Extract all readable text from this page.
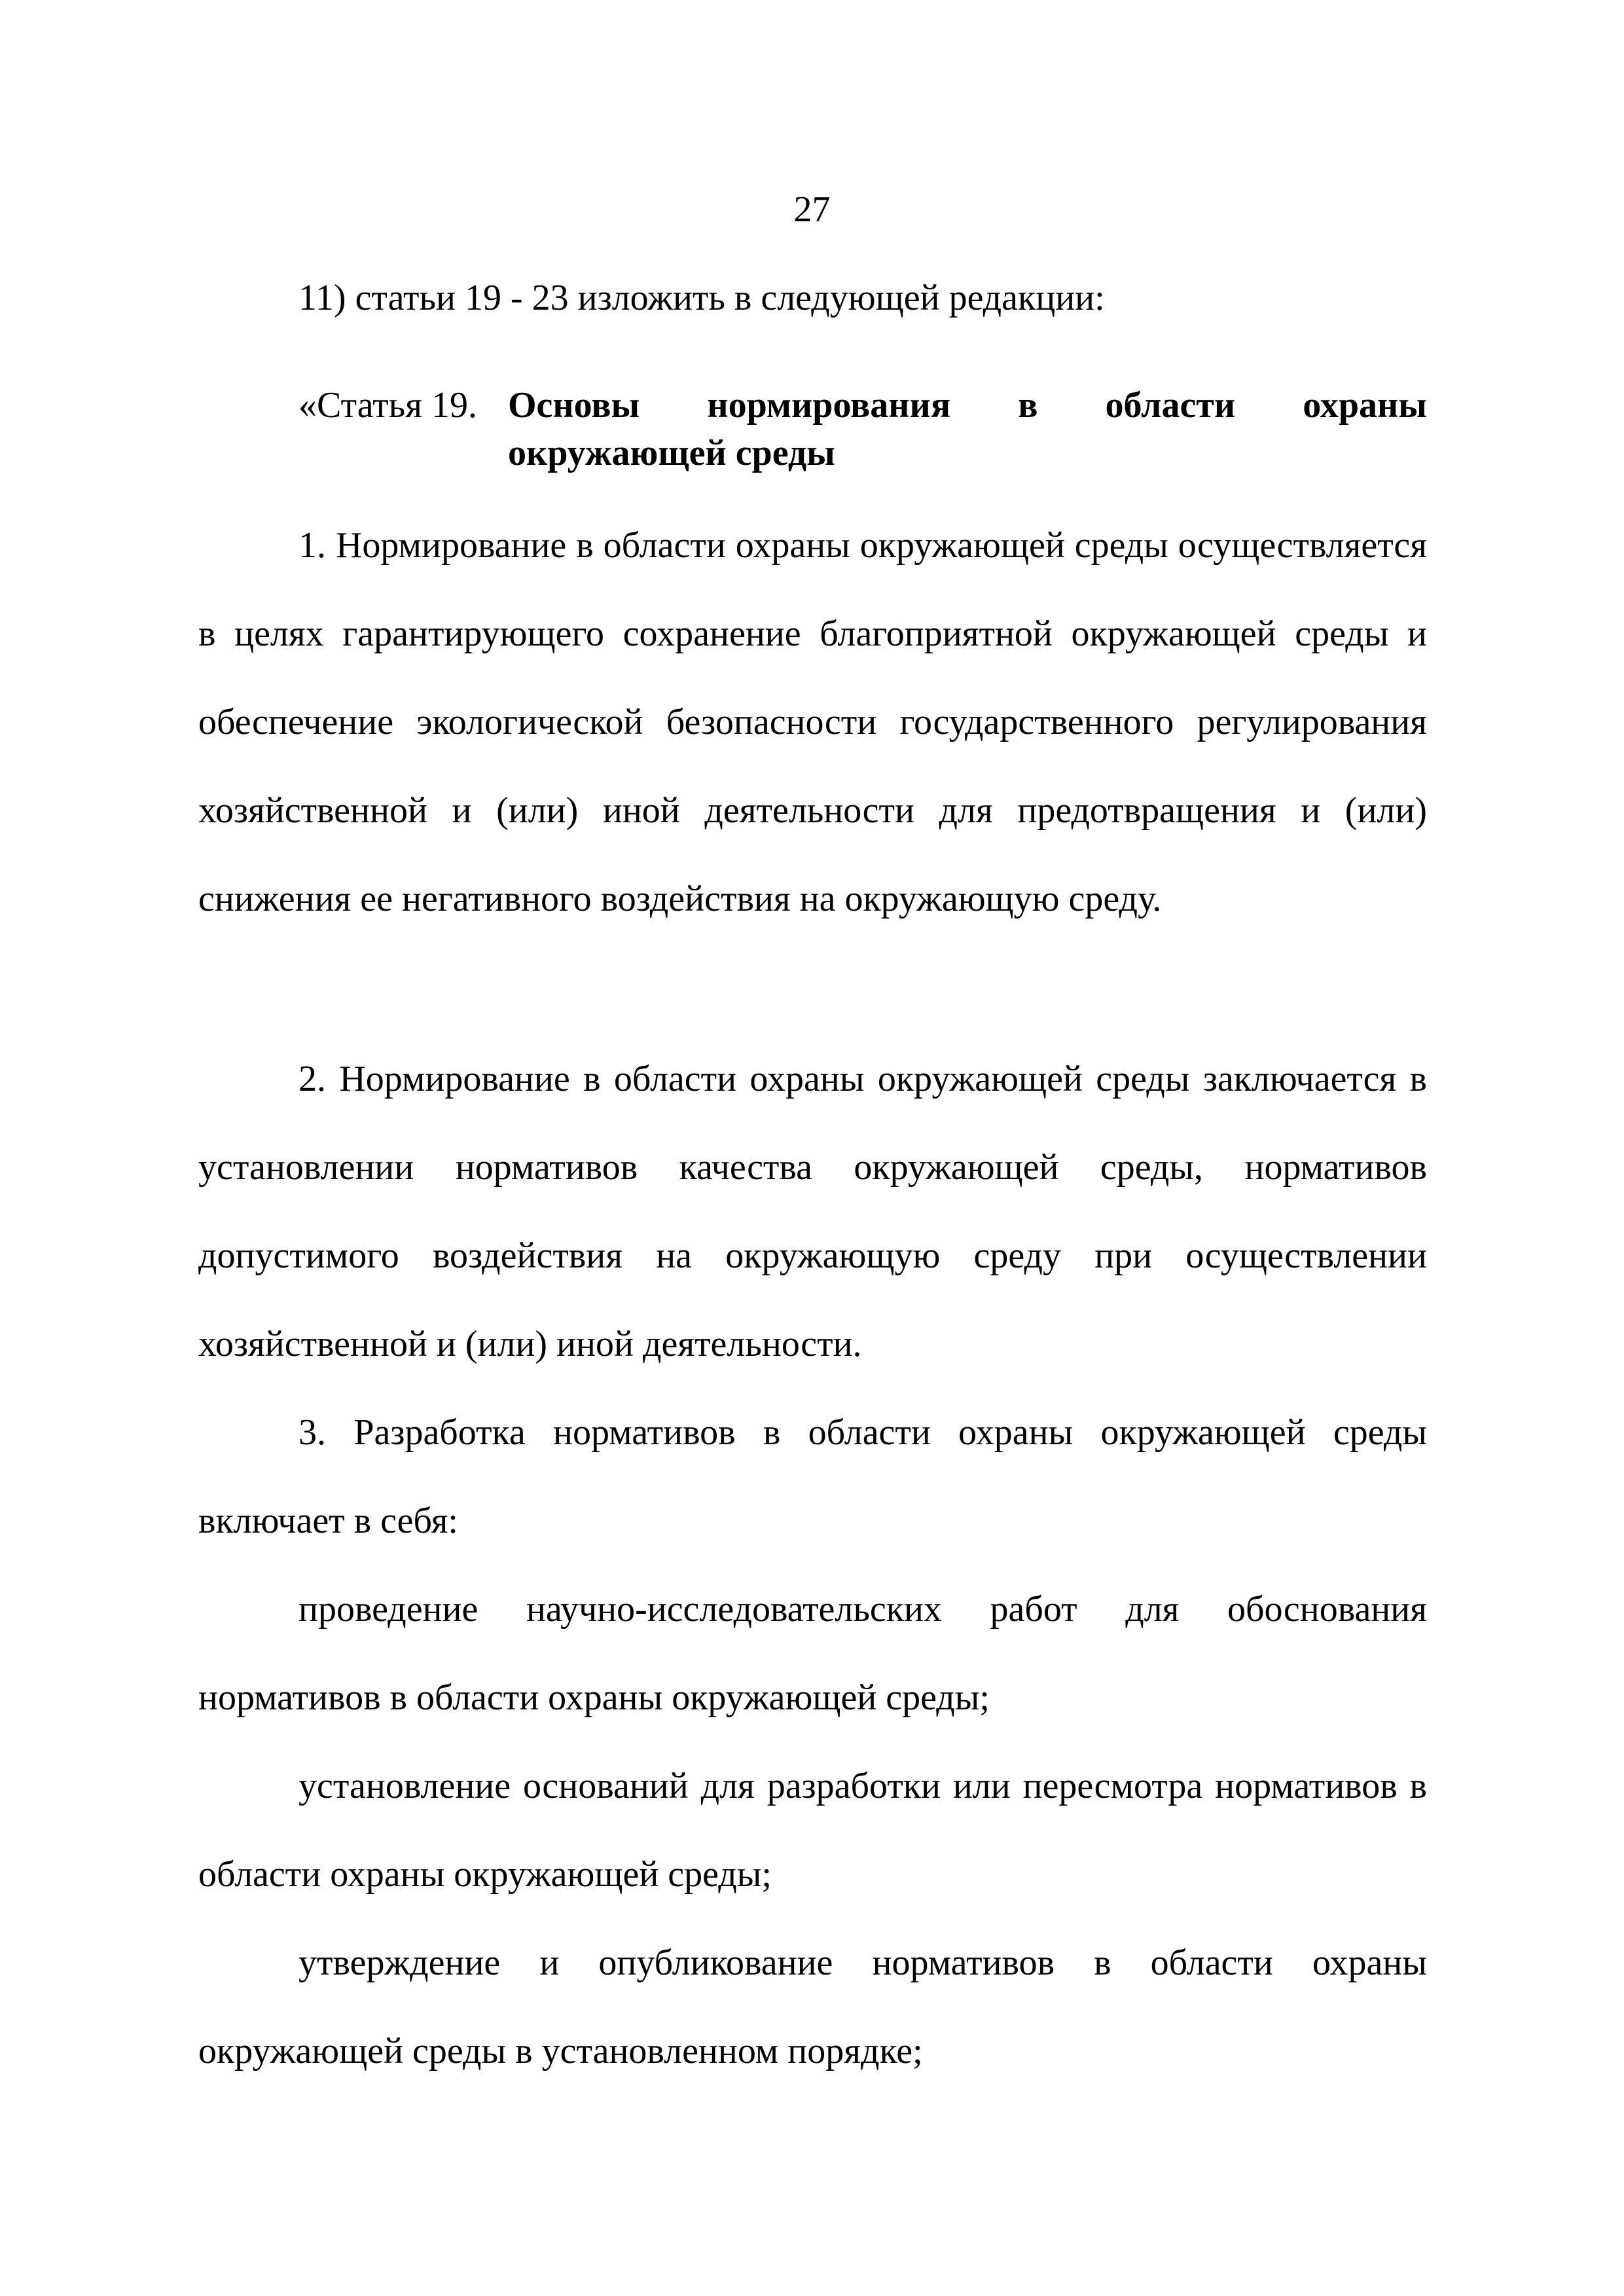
27
11) статьи 19 - 23 изложить в следующей редакции:
«Статья 19. Основы нормирования в области охраны
окружающей среды

1. Нормирование в области охраны окружающей среды осуществляется в целях гарантирующего сохранение благоприятной окружающей среды и обеспечение экологической безопасности государственного регулирования хозяйственной и (или) иной деятельности для предотвращения и (или) снижения ее негативного воздействия на окружающую среду.

2. Нормирование в области охраны окружающей среды заключается в установлении нормативов качества окружающей среды, нормативов допустимого воздействия на окружающую среду при осуществлении хозяйственной и (или) иной деятельности.

3. Разработка нормативов в области охраны окружающей среды включает в себя:

проведение научно-исследовательских работ для обоснования нормативов в области охраны окружающей среды;

установление оснований для разработки или пересмотра нормативов в области охраны окружающей среды;

утверждение и опубликование нормативов в области охраны окружающей среды в установленном порядке;
